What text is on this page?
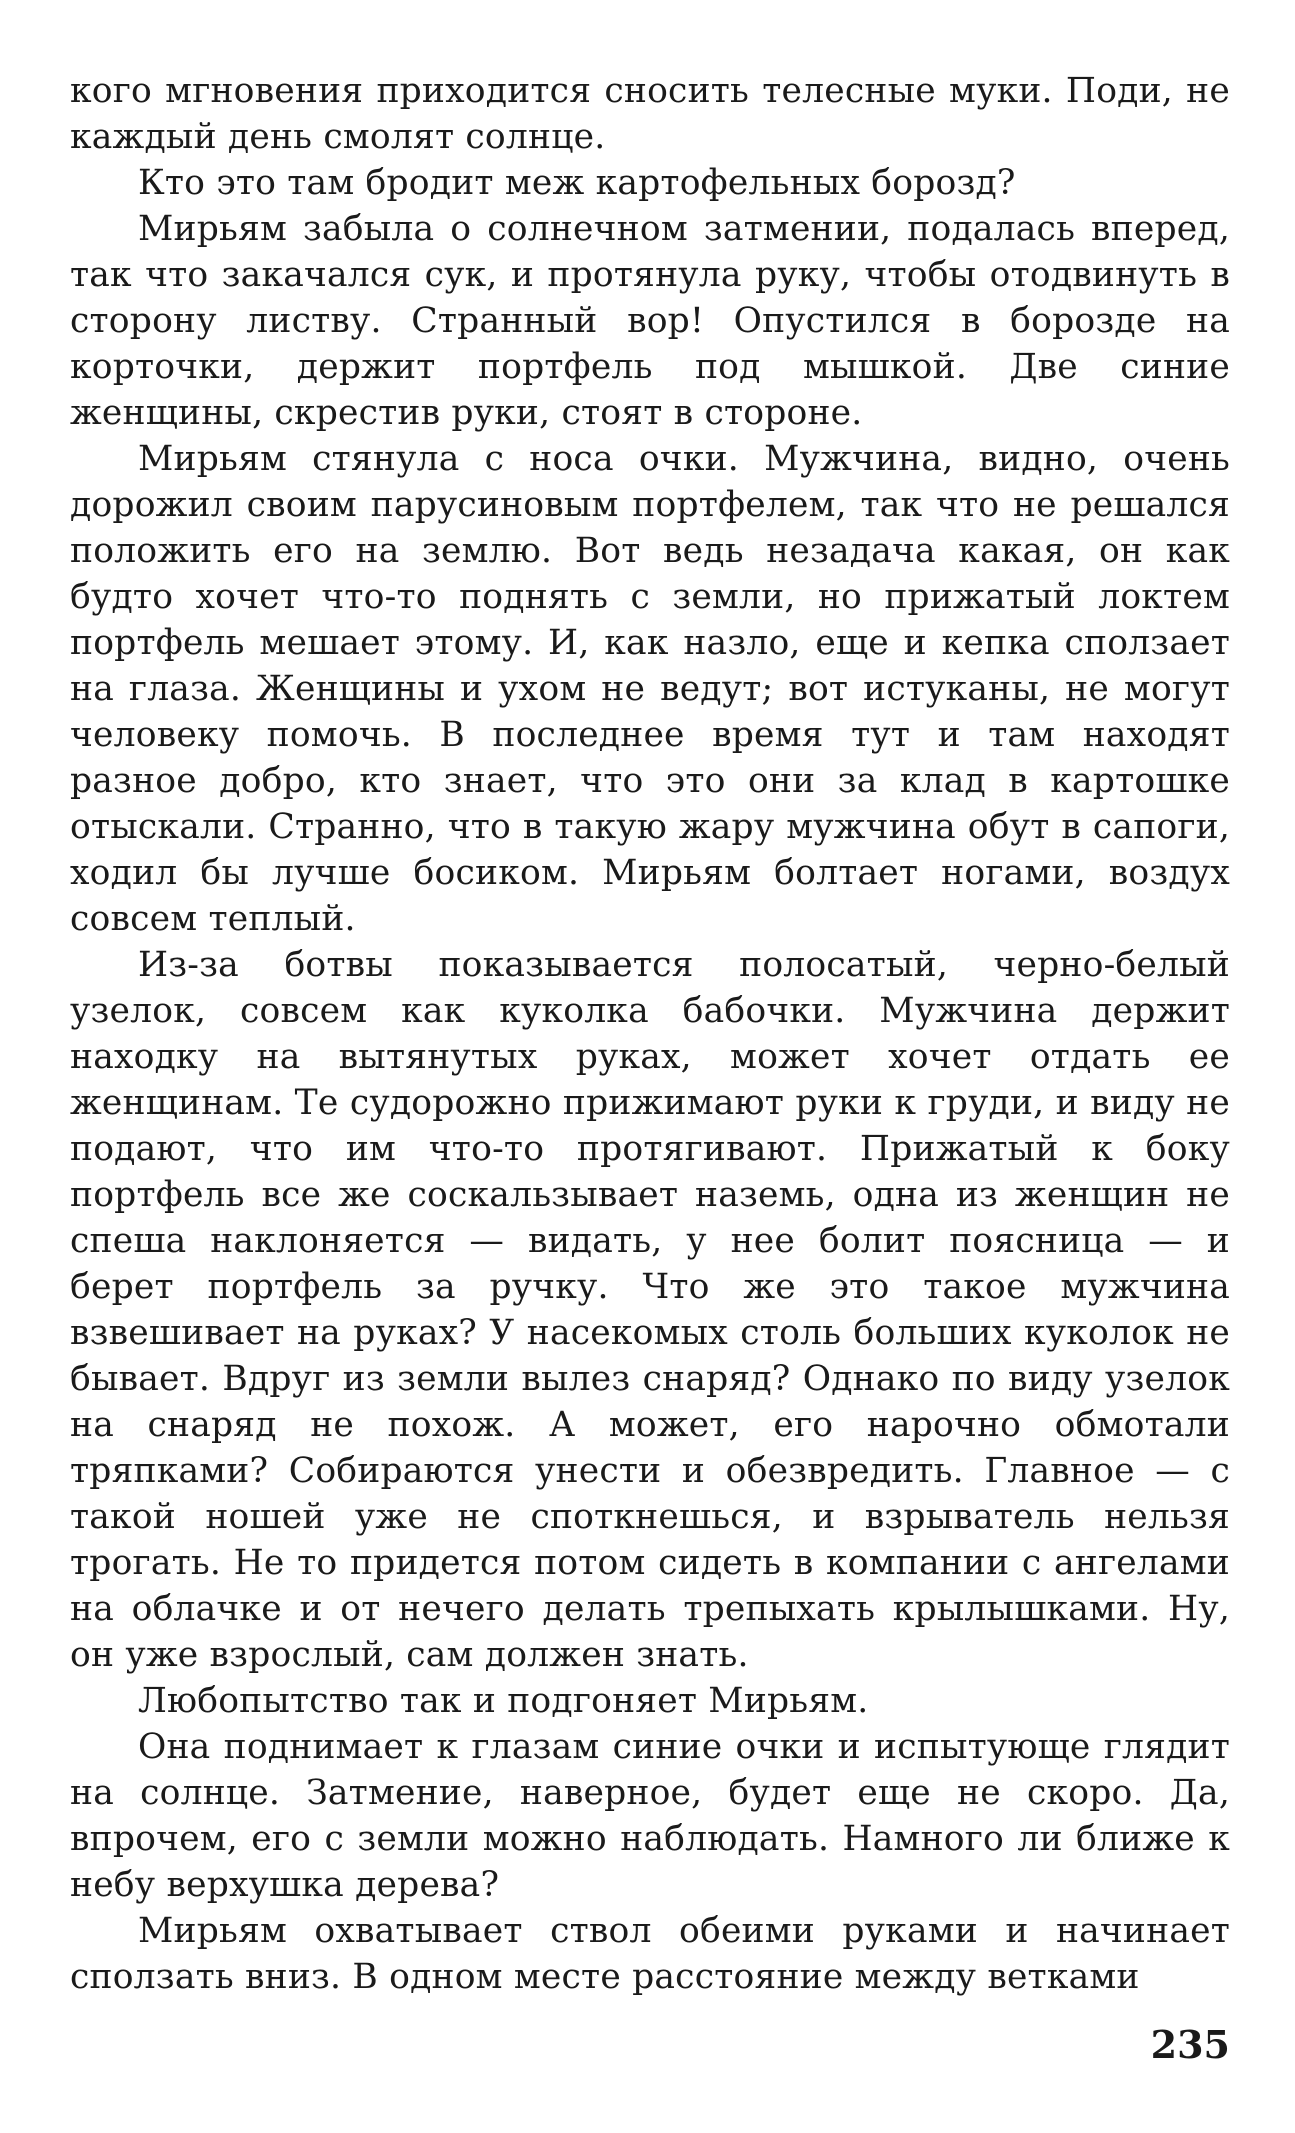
кого мгновения приходится сносить телесные муки. Поди, не каждый день смолят солнце.

Кто это там бродит меж картофельных борозд?

Мирьям забыла о солнечном затмении, подалась вперед, так что закачался сук, и протянула руку, чтобы отодвинуть в сторону листву. Странный вор! Опустился в борозде на корточки, держит портфель под мышкой. Две синие женщины, скрестив руки, стоят в стороне.

Мирьям стянула с носа очки. Мужчина, видно, очень дорожил своим парусиновым портфелем, так что не решался положить его на землю. Вот ведь незадача какая, он как будто хочет что-то поднять с земли, но прижатый локтем портфель мешает этому. И, как назло, еще и кепка сползает на глаза. Женщины и ухом не ведут; вот истуканы, не могут человеку помочь. В последнее время тут и там находят разное добро, кто знает, что это они за клад в картошке отыскали. Странно, что в такую жару мужчина обут в сапоги, ходил бы лучше босиком. Мирьям болтает ногами, воздух совсем теплый.

Из-за ботвы показывается полосатый, черно-белый узелок, совсем как куколка бабочки. Мужчина держит находку на вытянутых руках, может хочет отдать ее женщинам. Те судорожно прижимают руки к груди, и виду не подают, что им что-то протягивают. Прижатый к боку портфель все же соскальзывает наземь, одна из женщин не спеша наклоняется — видать, у нее болит поясница — и берет портфель за ручку. Что же это такое мужчина взвешивает на руках? У насекомых столь больших куколок не бывает. Вдруг из земли вылез снаряд? Однако по виду узелок на снаряд не похож. А может, его нарочно обмотали тряпками? Собираются унести и обезвредить. Главное — с такой ношей уже не споткнешься, и взрыватель нельзя трогать. Не то придется потом сидеть в компании с ангелами на облачке и от нечего делать трепыхать крылышками. Ну, он уже взрослый, сам должен знать.

Любопытство так и подгоняет Мирьям.

Она поднимает к глазам синие очки и испытующе глядит на солнце. Затмение, наверное, будет еще не скоро. Да, впрочем, его с земли можно наблюдать. Намного ли ближе к небу верхушка дерева?

Мирьям охватывает ствол обеими руками и начинает сползать вниз. В одном месте расстояние между ветками

235
